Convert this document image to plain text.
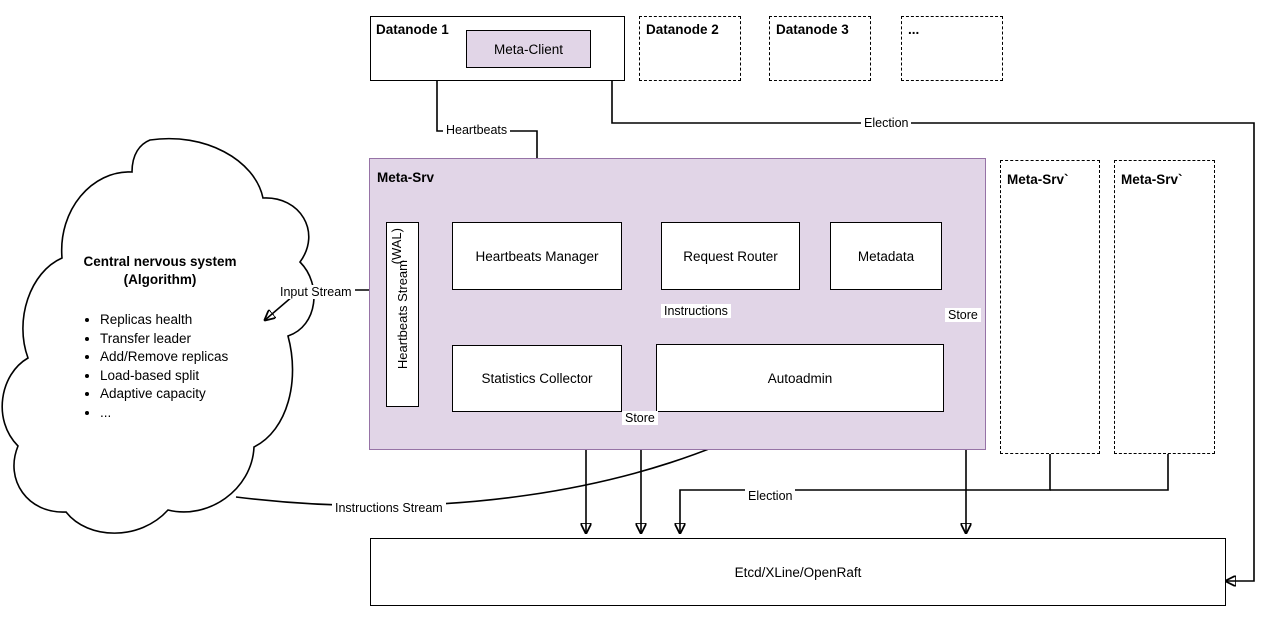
Datanode 1
Meta-Client
Datanode 2	Datanode 3	...
Meta-Srv
Heartbeats Stream
(WAL)	Heartbeats Manager	Request Router	Metadata
Statistics Collector	Autoadmin
Meta-Srv`	Meta-Srv`
Etcd/XLine/OpenRaft
Central nervous system
(Algorithm)
• Replicas health
• Transfer leader
• Add/Remove replicas
• Load-based split
• Adaptive capacity
• ...
Heartbeats	Election
Input Stream
Instructions	Store
Store
Instructions Stream
Election
